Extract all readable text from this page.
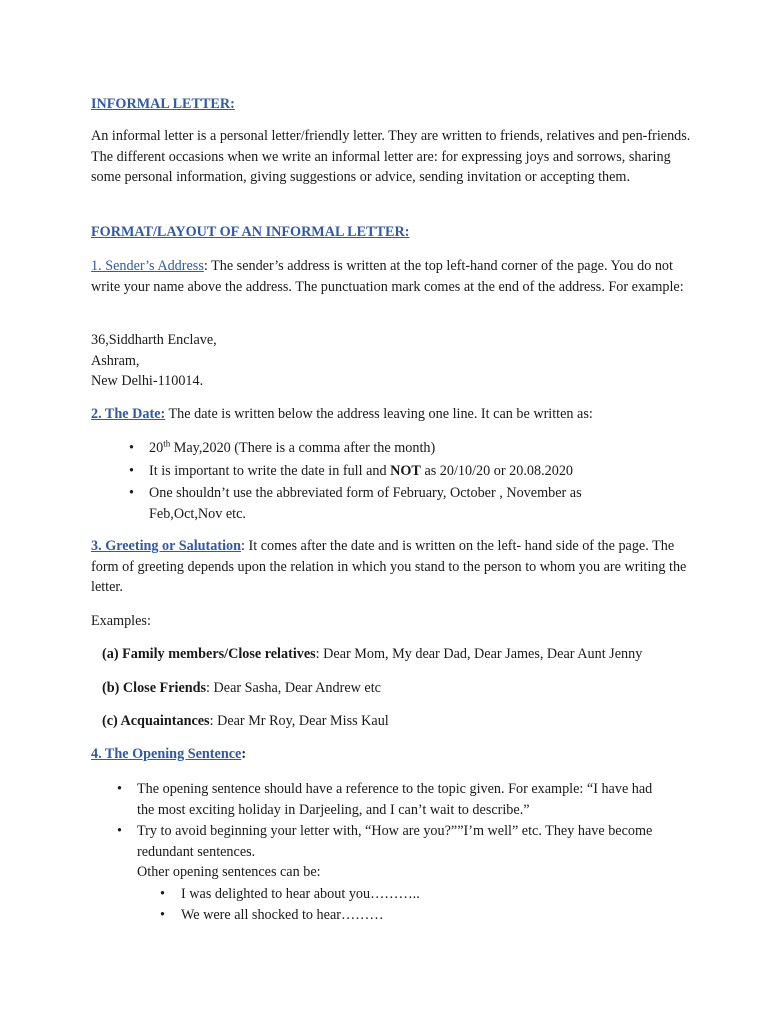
INFORMAL LETTER:

An informal letter is a personal letter/friendly letter. They are written to friends, relatives and pen-friends. The different occasions when we write an informal letter are: for expressing joys and sorrows, sharing some personal information, giving suggestions or advice, sending invitation or accepting them.

FORMAT/LAYOUT OF AN INFORMAL LETTER:

1. Sender’s Address: The sender’s address is written at the top left-hand corner of the page. You do not write your name above the address. The punctuation mark comes at the end of the address. For example:

36,Siddharth Enclave,
Ashram,
New Delhi-110014.

2. The Date: The date is written below the address leaving one line. It can be written as:

• 20th May,2020 (There is a comma after the month)
• It is important to write the date in full and NOT as 20/10/20 or 20.08.2020
• One shouldn’t use the abbreviated form of February, October , November as Feb,Oct,Nov etc.

3. Greeting or Salutation: It comes after the date and is written on the left- hand side of the page. The form of greeting depends upon the relation in which you stand to the person to whom you are writing the letter.

Examples:

(a) Family members/Close relatives: Dear Mom, My dear Dad, Dear James, Dear Aunt Jenny

(b) Close Friends: Dear Sasha, Dear Andrew etc

(c) Acquaintances: Dear Mr Roy, Dear Miss Kaul

4. The Opening Sentence:

• The opening sentence should have a reference to the topic given. For example: “I have had the most exciting holiday in Darjeeling, and I can’t wait to describe.”
• Try to avoid beginning your letter with, “How are you?””I’m well” etc. They have become redundant sentences.

Other opening sentences can be:

• I was delighted to hear about you………..
• We were all shocked to hear………
